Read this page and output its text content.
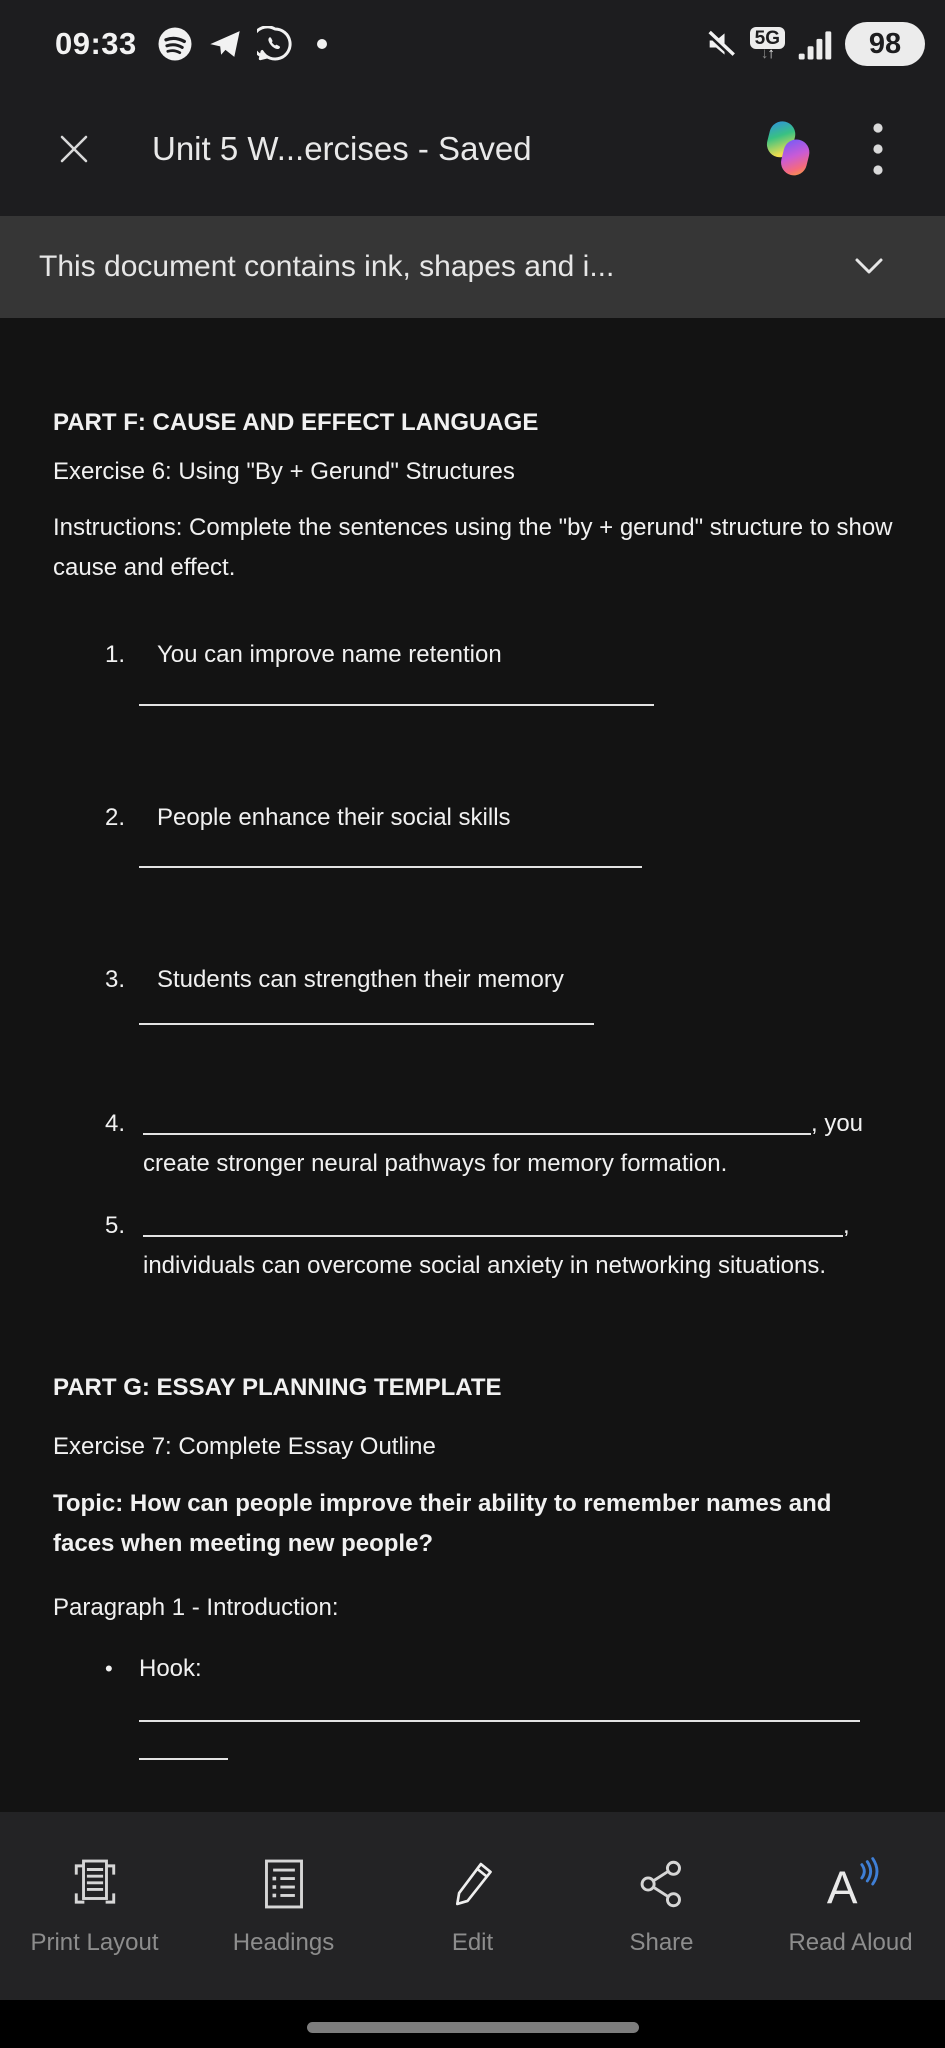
09:33	5G
↓↑	98
Unit 5 W...ercises - Saved
This document contains ink, shapes and i...
PART F: CAUSE AND EFFECT LANGUAGE
Exercise 6: Using "By + Gerund" Structures
Instructions: Complete the sentences using the "by + gerund" structure to show cause and effect.
1.	You can improve name retention
2.	People enhance their social skills
3.	Students can strengthen their memory
4.	, you
create stronger neural pathways for memory formation.
5.	,
individuals can overcome social anxiety in networking situations.
PART G: ESSAY PLANNING TEMPLATE
Exercise 7: Complete Essay Outline
Topic: How can people improve their ability to remember names and faces when meeting new people?
Paragraph 1 - Introduction:
•	Hook:
Print Layout	Headings	Edit	Share
A
Read Aloud
